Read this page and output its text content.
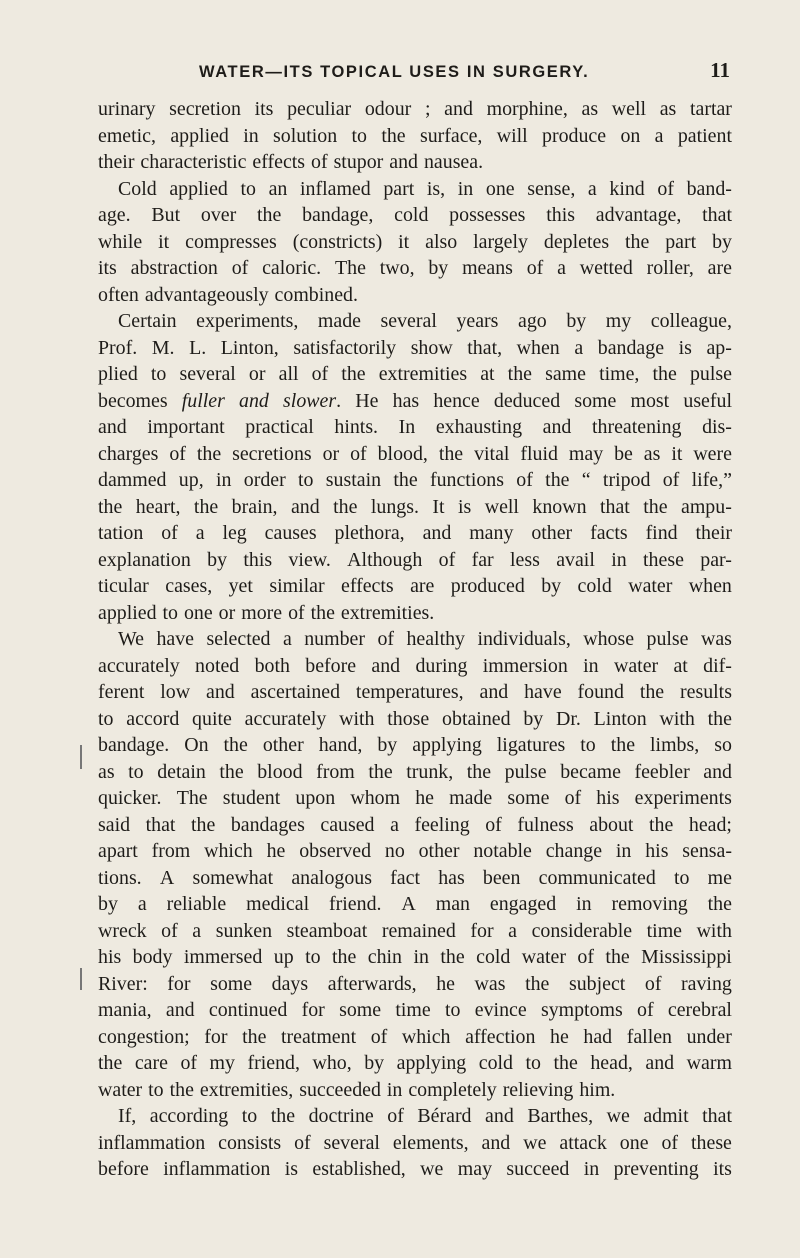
WATER—ITS TOPICAL USES IN SURGERY.	11
urinary secretion its peculiar odour ; and morphine, as well as tartar
emetic, applied in solution to the surface, will produce on a patient
their characteristic effects of stupor and nausea.
Cold applied to an inflamed part is, in one sense, a kind of band-
age. But over the bandage, cold possesses this advantage, that
while it compresses (constricts) it also largely depletes the part by
its abstraction of caloric. The two, by means of a wetted roller, are
often advantageously combined.
Certain experiments, made several years ago by my colleague,
Prof. M. L. Linton, satisfactorily show that, when a bandage is ap-
plied to several or all of the extremities at the same time, the pulse
becomes fuller and slower. He has hence deduced some most useful
and important practical hints. In exhausting and threatening dis-
charges of the secretions or of blood, the vital fluid may be as it were
dammed up, in order to sustain the functions of the “ tripod of life,”
the heart, the brain, and the lungs. It is well known that the ampu-
tation of a leg causes plethora, and many other facts find their
explanation by this view. Although of far less avail in these par-
ticular cases, yet similar effects are produced by cold water when
applied to one or more of the extremities.
We have selected a number of healthy individuals, whose pulse was
accurately noted both before and during immersion in water at dif-
ferent low and ascertained temperatures, and have found the results
to accord quite accurately with those obtained by Dr. Linton with the
bandage. On the other hand, by applying ligatures to the limbs, so
as to detain the blood from the trunk, the pulse became feebler and
quicker. The student upon whom he made some of his experiments
said that the bandages caused a feeling of fulness about the head;
apart from which he observed no other notable change in his sensa-
tions. A somewhat analogous fact has been communicated to me
by a reliable medical friend. A man engaged in removing the
wreck of a sunken steamboat remained for a considerable time with
his body immersed up to the chin in the cold water of the Mississippi
River: for some days afterwards, he was the subject of raving
mania, and continued for some time to evince symptoms of cerebral
congestion; for the treatment of which affection he had fallen under
the care of my friend, who, by applying cold to the head, and warm
water to the extremities, succeeded in completely relieving him.
If, according to the doctrine of Bérard and Barthes, we admit that
inflammation consists of several elements, and we attack one of these
before inflammation is established, we may succeed in preventing its
